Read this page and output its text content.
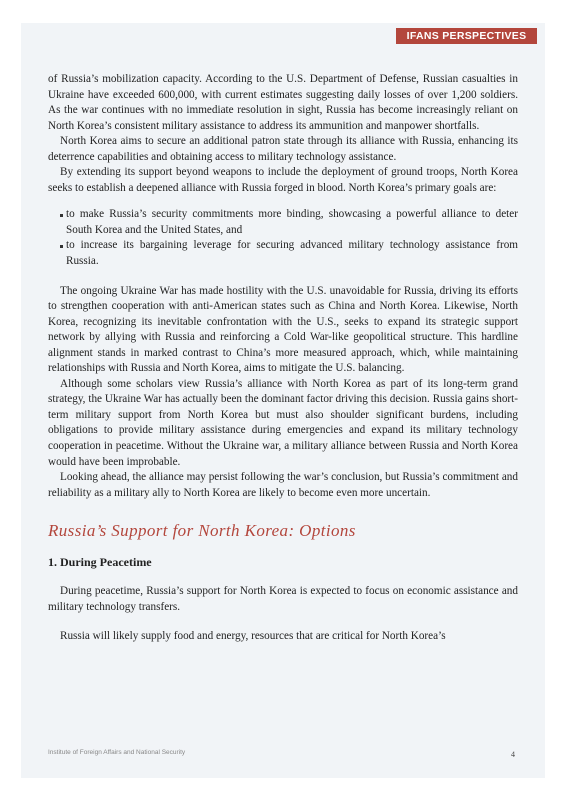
IFANS PERSPECTIVES

of Russia’s mobilization capacity. According to the U.S. Department of Defense, Russian casualties in Ukraine have exceeded 600,000, with current estimates suggesting daily losses of over 1,200 soldiers. As the war continues with no immediate resolution in sight, Russia has become increasingly reliant on North Korea’s consistent military assistance to address its ammunition and manpower shortfalls.

North Korea aims to secure an additional patron state through its alliance with Russia, enhancing its deterrence capabilities and obtaining access to military technology assistance.

By extending its support beyond weapons to include the deployment of ground troops, North Korea seeks to establish a deepened alliance with Russia forged in blood. North Korea’s primary goals are:

to make Russia’s security commitments more binding, showcasing a powerful alliance to deter South Korea and the United States, and
to increase its bargaining leverage for securing advanced military technology assistance from Russia.

The ongoing Ukraine War has made hostility with the U.S. unavoidable for Russia, driving its efforts to strengthen cooperation with anti-American states such as China and North Korea. Likewise, North Korea, recognizing its inevitable confrontation with the U.S., seeks to expand its strategic support network by allying with Russia and reinforcing a Cold War-like geopolitical structure. This hardline alignment stands in marked contrast to China’s more measured approach, which, while maintaining relationships with Russia and North Korea, aims to mitigate the U.S. balancing.

Although some scholars view Russia’s alliance with North Korea as part of its long-term grand strategy, the Ukraine War has actually been the dominant factor driving this decision. Russia gains short-term military support from North Korea but must also shoulder significant burdens, including obligations to provide military assistance during emergencies and expand its military technology cooperation in peacetime. Without the Ukraine war, a military alliance between Russia and North Korea would have been improbable.

Looking ahead, the alliance may persist following the war’s conclusion, but Russia’s commitment and reliability as a military ally to North Korea are likely to become even more uncertain.

Russia’s Support for North Korea: Options

1. During Peacetime

During peacetime, Russia’s support for North Korea is expected to focus on economic assistance and military technology transfers.

Russia will likely supply food and energy, resources that are critical for North Korea’s

Institute of Foreign Affairs and National Security	4
